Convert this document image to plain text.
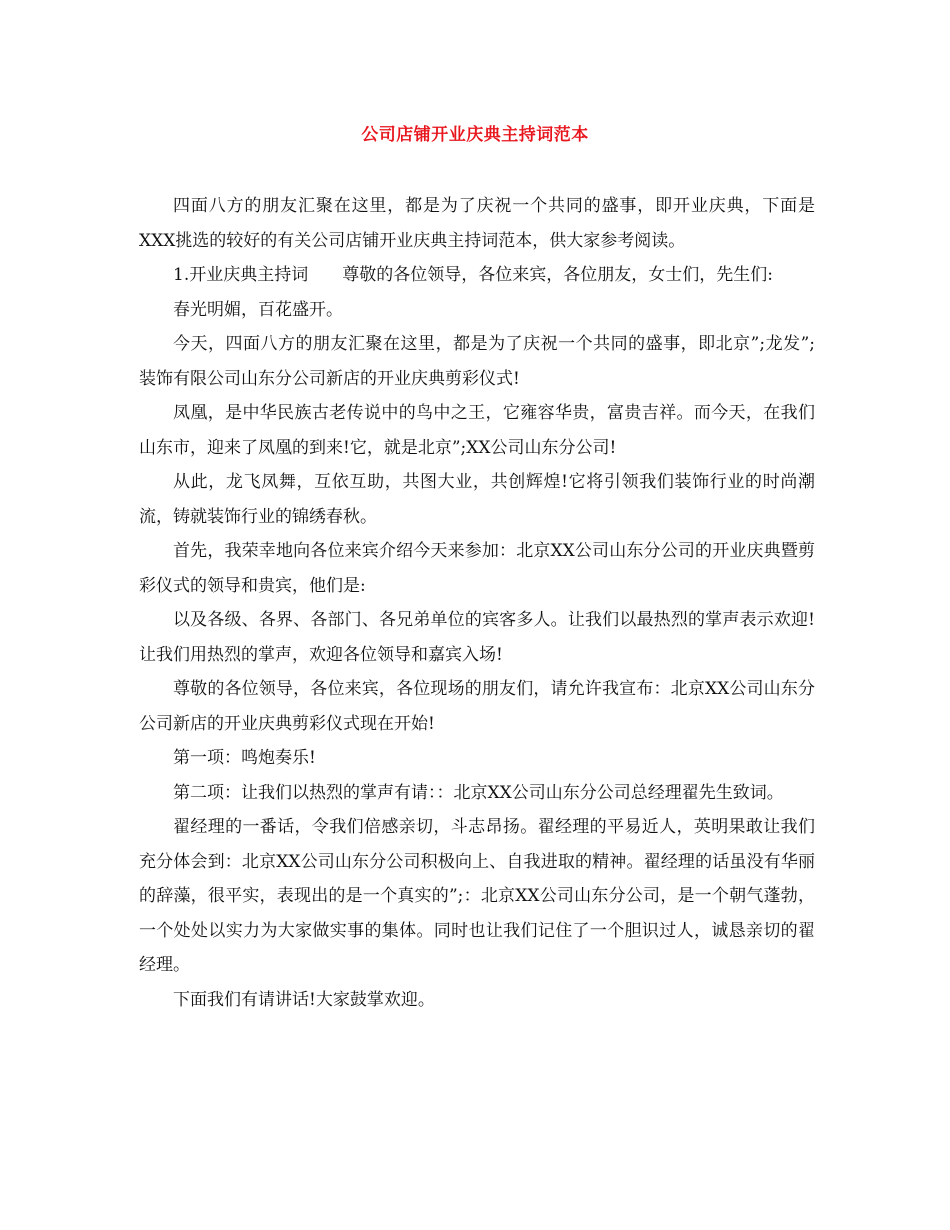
公司店铺开业庆典主持词范本

四面八方的朋友汇聚在这里，都是为了庆祝一个共同的盛事，即开业庆典，下面是XXX挑选的较好的有关公司店铺开业庆典主持词范本，供大家参考阅读。

1.开业庆典主持词　　尊敬的各位领导，各位来宾，各位朋友，女士们，先生们:

春光明媚，百花盛开。

今天，四面八方的朋友汇聚在这里，都是为了庆祝一个共同的盛事，即北京”;龙发”; 装饰有限公司山东分公司新店的开业庆典剪彩仪式!

凤凰，是中华民族古老传说中的鸟中之王，它雍容华贵，富贵吉祥。而今天，在我们山东市，迎来了凤凰的到来!它，就是北京”;XX公司山东分公司!

从此，龙飞凤舞，互依互助，共图大业，共创辉煌!它将引领我们装饰行业的时尚潮流，铸就装饰行业的锦绣春秋。

首先，我荣幸地向各位来宾介绍今天来参加：北京XX公司山东分公司的开业庆典暨剪彩仪式的领导和贵宾，他们是:

以及各级、各界、各部门、各兄弟单位的宾客多人。让我们以最热烈的掌声表示欢迎!让我们用热烈的掌声，欢迎各位领导和嘉宾入场!

尊敬的各位领导，各位来宾，各位现场的朋友们，请允许我宣布：北京XX公司山东分公司新店的开业庆典剪彩仪式现在开始!

第一项：鸣炮奏乐!

第二项：让我们以热烈的掌声有请：：北京XX公司山东分公司总经理翟先生致词。

翟经理的一番话，令我们倍感亲切，斗志昂扬。翟经理的平易近人，英明果敢让我们充分体会到：北京XX公司山东分公司积极向上、自我进取的精神。翟经理的话虽没有华丽的辞藻，很平实，表现出的是一个真实的”;：北京XX公司山东分公司，是一个朝气蓬勃，一个处处以实力为大家做实事的集体。同时也让我们记住了一个胆识过人，诚恳亲切的翟经理。

下面我们有请讲话!大家鼓掌欢迎。
